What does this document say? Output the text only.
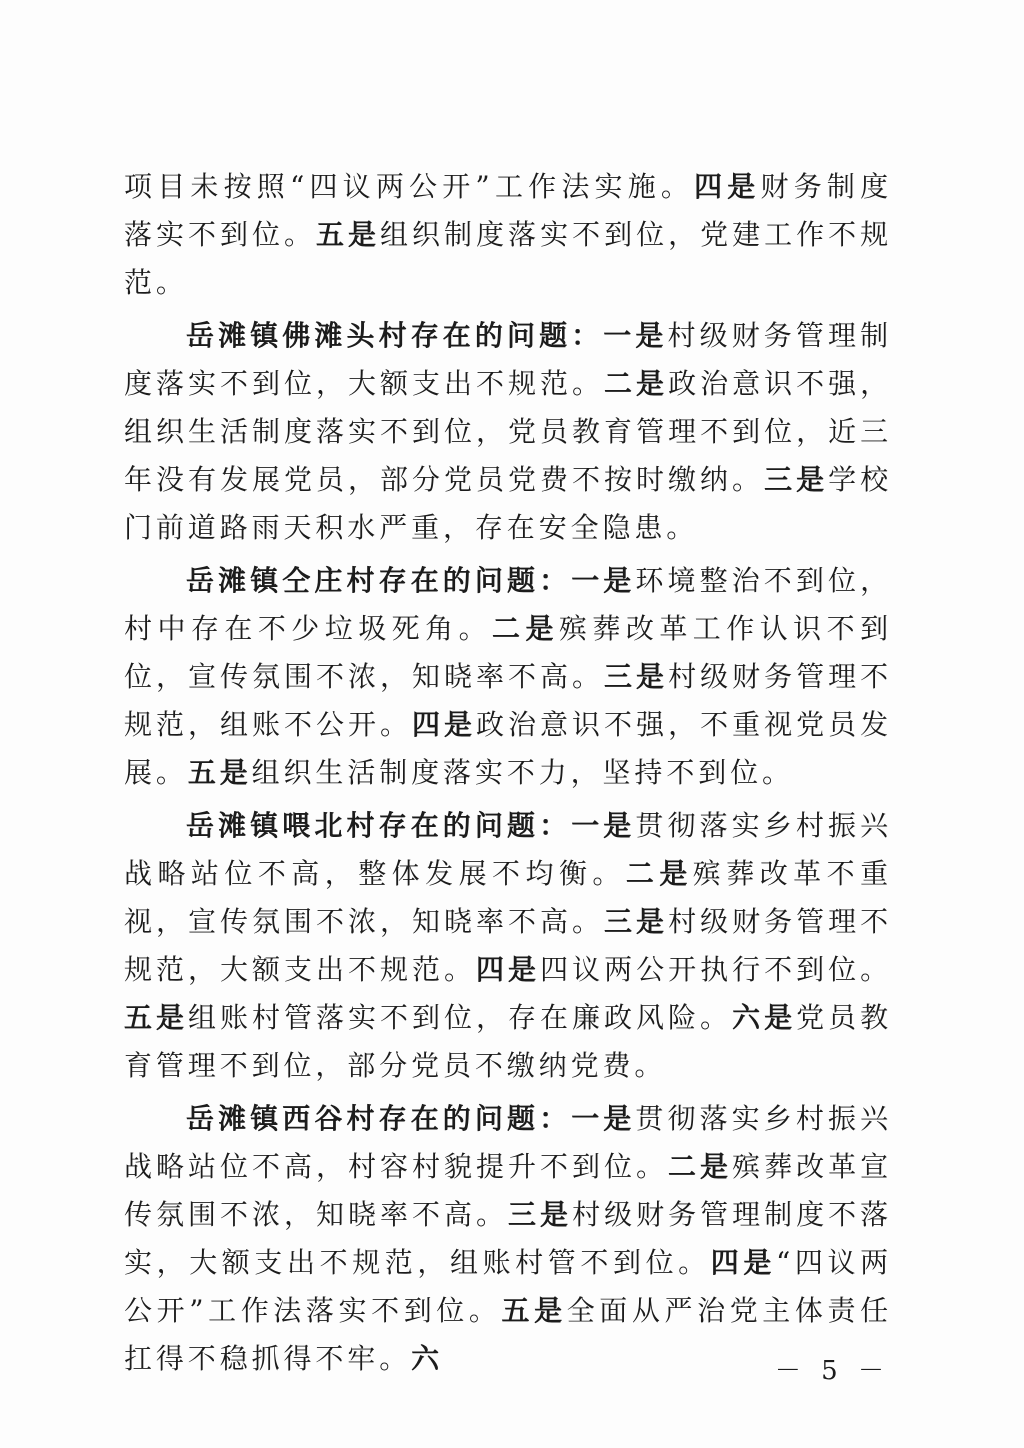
项目未按照“四议两公开”工作法实施。四是财务制度落实不到位。五是组织制度落实不到位，党建工作不规范。

岳滩镇佛滩头村存在的问题：一是村级财务管理制度落实不到位，大额支出不规范。二是政治意识不强，组织生活制度落实不到位，党员教育管理不到位，近三年没有发展党员，部分党员党费不按时缴纳。三是学校门前道路雨天积水严重，存在安全隐患。

岳滩镇仝庄村存在的问题：一是环境整治不到位，村中存在不少垃圾死角。二是殡葬改革工作认识不到位，宣传氛围不浓，知晓率不高。三是村级财务管理不规范，组账不公开。四是政治意识不强，不重视党员发展。五是组织生活制度落实不力，坚持不到位。

岳滩镇喂北村存在的问题：一是贯彻落实乡村振兴战略站位不高，整体发展不均衡。二是殡葬改革不重视，宣传氛围不浓，知晓率不高。三是村级财务管理不规范，大额支出不规范。四是四议两公开执行不到位。五是组账村管落实不到位，存在廉政风险。六是党员教育管理不到位，部分党员不缴纳党费。

岳滩镇西谷村存在的问题：一是贯彻落实乡村振兴战略站位不高，村容村貌提升不到位。二是殡葬改革宣传氛围不浓，知晓率不高。三是村级财务管理制度不落实，大额支出不规范，组账村管不到位。四是“四议两公开”工作法落实不到位。五是全面从严治党主体责任扛得不稳抓得不牢。六	－ 5 －
